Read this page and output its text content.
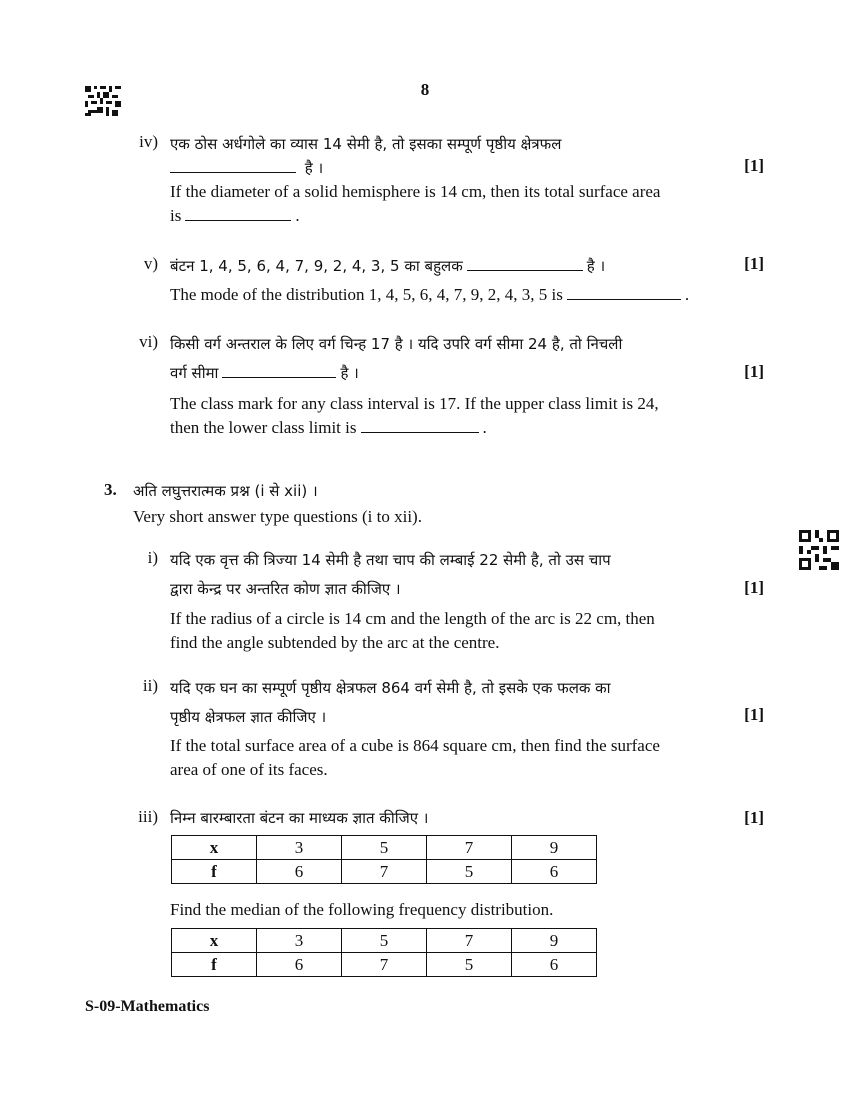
8
iv) एक ठोस अर्धगोले का व्यास 14 सेमी है, तो इसका सम्पूर्ण पृष्ठीय क्षेत्रफल
है ।	[1]
If the diameter of a solid hemisphere is 14 cm, then its total surface area
is	.
v) बंटन 1, 4, 5, 6, 4, 7, 9, 2, 4, 3, 5 का बहुलक	है ।	[1]
The mode of the distribution 1, 4, 5, 6, 4, 7, 9, 2, 4, 3, 5 is	.
vi) किसी वर्ग अन्तराल के लिए वर्ग चिन्ह 17 है । यदि उपरि वर्ग सीमा 24 है, तो निचली
वर्ग सीमा	है ।	[1]
The class mark for any class interval is 17. If the upper class limit is 24,
then the lower class limit is	.
3. अति लघुत्तरात्मक प्रश्न (i से xii) ।
Very short answer type questions (i to xii).
i) यदि एक वृत्त की त्रिज्या 14 सेमी है तथा चाप की लम्बाई 22 सेमी है, तो उस चाप
द्वारा केन्द्र पर अन्तरित कोण ज्ञात कीजिए ।	[1]
If the radius of a circle is 14 cm and the length of the arc is 22 cm, then
find the angle subtended by the arc at the centre.
ii) यदि एक घन का सम्पूर्ण पृष्ठीय क्षेत्रफल 864 वर्ग सेमी है, तो इसके एक फलक का
पृष्ठीय क्षेत्रफल ज्ञात कीजिए ।	[1]
If the total surface area of a cube is 864 square cm, then find the surface
area of one of its faces.
iii) निम्न बारम्बारता बंटन का माध्यक ज्ञात कीजिए ।	[1]
x	3	5	7	9
f	6	7	5	6
Find the median of the following frequency distribution.
x	3	5	7	9
f	6	7	5	6
S-09-Mathematics
